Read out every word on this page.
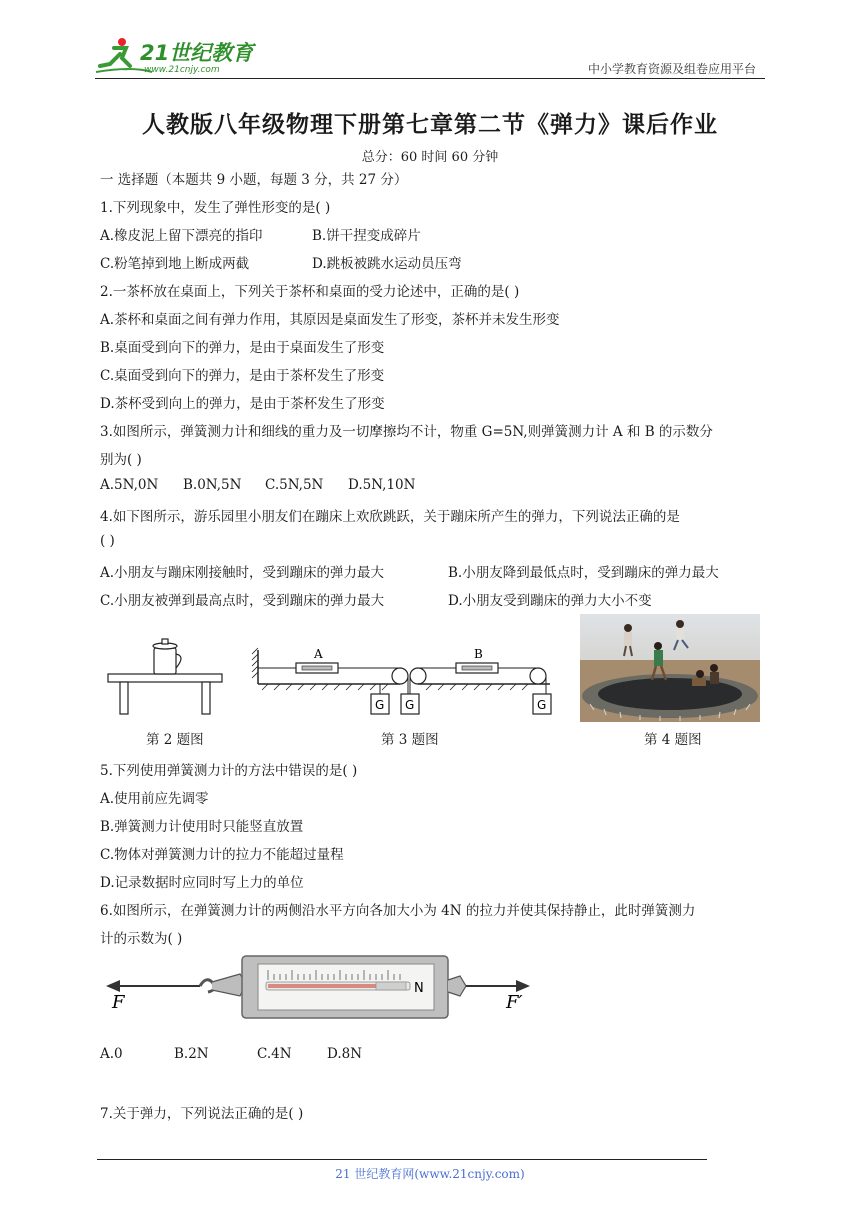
21世纪教育
www.21cnjy.com	中小学教育资源及组卷应用平台
人教版八年级物理下册第七章第二节《弹力》课后作业
总分：60 时间 60 分钟
一 选择题（本题共 9 小题，每题 3 分，共 27 分）
1.下列现象中，发生了弹性形变的是( )
A.橡皮泥上留下漂亮的指印	B.饼干捏变成碎片
C.粉笔掉到地上断成两截	D.跳板被跳水运动员压弯
2.一茶杯放在桌面上，下列关于茶杯和桌面的受力论述中，正确的是( )
A.茶杯和桌面之间有弹力作用，其原因是桌面发生了形变，茶杯并未发生形变
B.桌面受到向下的弹力，是由于桌面发生了形变
C.桌面受到向下的弹力，是由于茶杯发生了形变
D.茶杯受到向上的弹力，是由于茶杯发生了形变
3.如图所示，弹簧测力计和细线的重力及一切摩擦均不计，物重 G=5N,则弹簧测力计 A 和 B 的示数分
别为( )
A.5N,0N B.0N,5N C.5N,5N D.5N,10N
4.如下图所示，游乐园里小朋友们在蹦床上欢欣跳跃，关于蹦床所产生的弹力，下列说法正确的是
( )
A.小朋友与蹦床刚接触时，受到蹦床的弹力最大	B.小朋友降到最低点时，受到蹦床的弹力最大
C.小朋友被弹到最高点时，受到蹦床的弹力最大	D.小朋友受到蹦床的弹力大小不变
A
G G
B
G
第 2 题图	第 3 题图	第 4 题图
5.下列使用弹簧测力计的方法中错误的是( )
A.使用前应先调零
B.弹簧测力计使用时只能竖直放置
C.物体对弹簧测力计的拉力不能超过量程
D.记录数据时应同时写上力的单位
6.如图所示，在弹簧测力计的两侧沿水平方向各加大小为 4N 的拉力并使其保持静止，此时弹簧测力
计的示数为( )
F
N
F′
A.0	B.2N	C.4N	D.8N
7.关于弹力，下列说法正确的是( )
21 世纪教育网(www.21cnjy.com)
